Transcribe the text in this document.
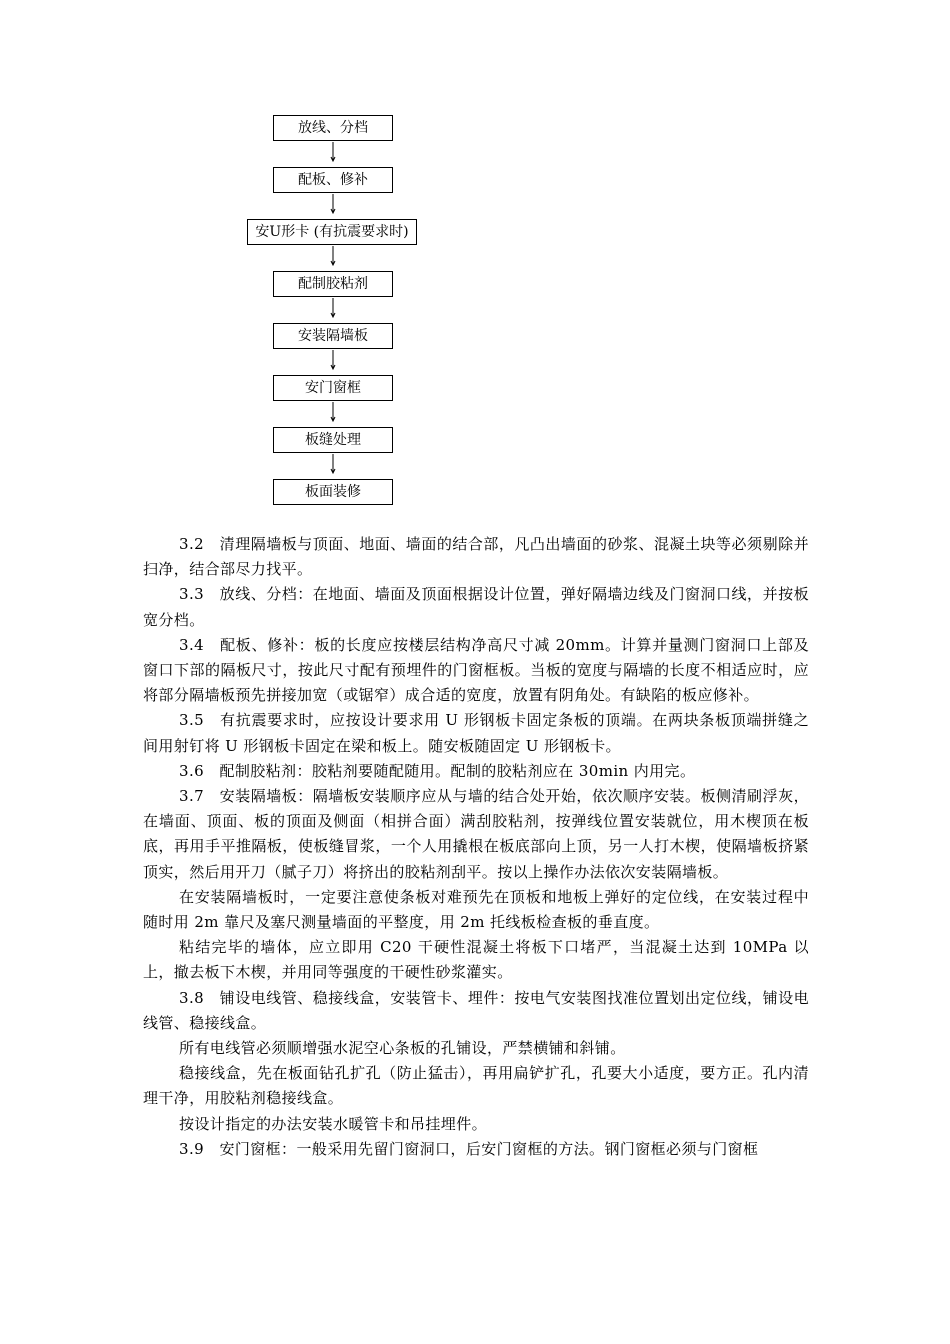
放线、分档
配板、修补
安U形卡 (有抗震要求时)
配制胶粘剂
安装隔墙板
安门窗框
板缝处理
板面装修

3.2　清理隔墙板与顶面、地面、墙面的结合部，凡凸出墙面的砂浆、混凝土块等必须剔除并扫净，结合部尽力找平。

3.3　放线、分档：在地面、墙面及顶面根据设计位置，弹好隔墙边线及门窗洞口线，并按板宽分档。

3.4　配板、修补：板的长度应按楼层结构净高尺寸减 20mm。计算并量测门窗洞口上部及窗口下部的隔板尺寸，按此尺寸配有预埋件的门窗框板。当板的宽度与隔墙的长度不相适应时，应将部分隔墙板预先拼接加宽（或锯窄）成合适的宽度，放置有阴角处。有缺陷的板应修补。

3.5　有抗震要求时，应按设计要求用 U 形钢板卡固定条板的顶端。在两块条板顶端拼缝之间用射钉将 U 形钢板卡固定在梁和板上。随安板随固定 U 形钢板卡。

3.6　配制胶粘剂：胶粘剂要随配随用。配制的胶粘剂应在 30min 内用完。

3.7　安装隔墙板：隔墙板安装顺序应从与墙的结合处开始，依次顺序安装。板侧清刷浮灰，在墙面、顶面、板的顶面及侧面（相拼合面）满刮胶粘剂，按弹线位置安装就位，用木楔顶在板底，再用手平推隔板，使板缝冒浆，一个人用撬根在板底部向上顶，另一人打木楔，使隔墙板挤紧顶实，然后用开刀（腻子刀）将挤出的胶粘剂刮平。按以上操作办法依次安装隔墙板。

在安装隔墙板时，一定要注意使条板对难预先在顶板和地板上弹好的定位线，在安装过程中随时用 2m 靠尺及塞尺测量墙面的平整度，用 2m 托线板检查板的垂直度。

粘结完毕的墙体，应立即用 C20 干硬性混凝土将板下口堵严，当混凝土达到 10MPa 以上，撤去板下木楔，并用同等强度的干硬性砂浆灌实。

3.8　铺设电线管、稳接线盒，安装管卡、埋件：按电气安装图找准位置划出定位线，铺设电线管、稳接线盒。

所有电线管必须顺增强水泥空心条板的孔铺设，严禁横铺和斜铺。

稳接线盒，先在板面钻孔扩孔（防止猛击），再用扁铲扩孔，孔要大小适度，要方正。孔内清理干净，用胶粘剂稳接线盒。

按设计指定的办法安装水暖管卡和吊挂埋件。

3.9　安门窗框：一般采用先留门窗洞口，后安门窗框的方法。钢门窗框必须与门窗框
